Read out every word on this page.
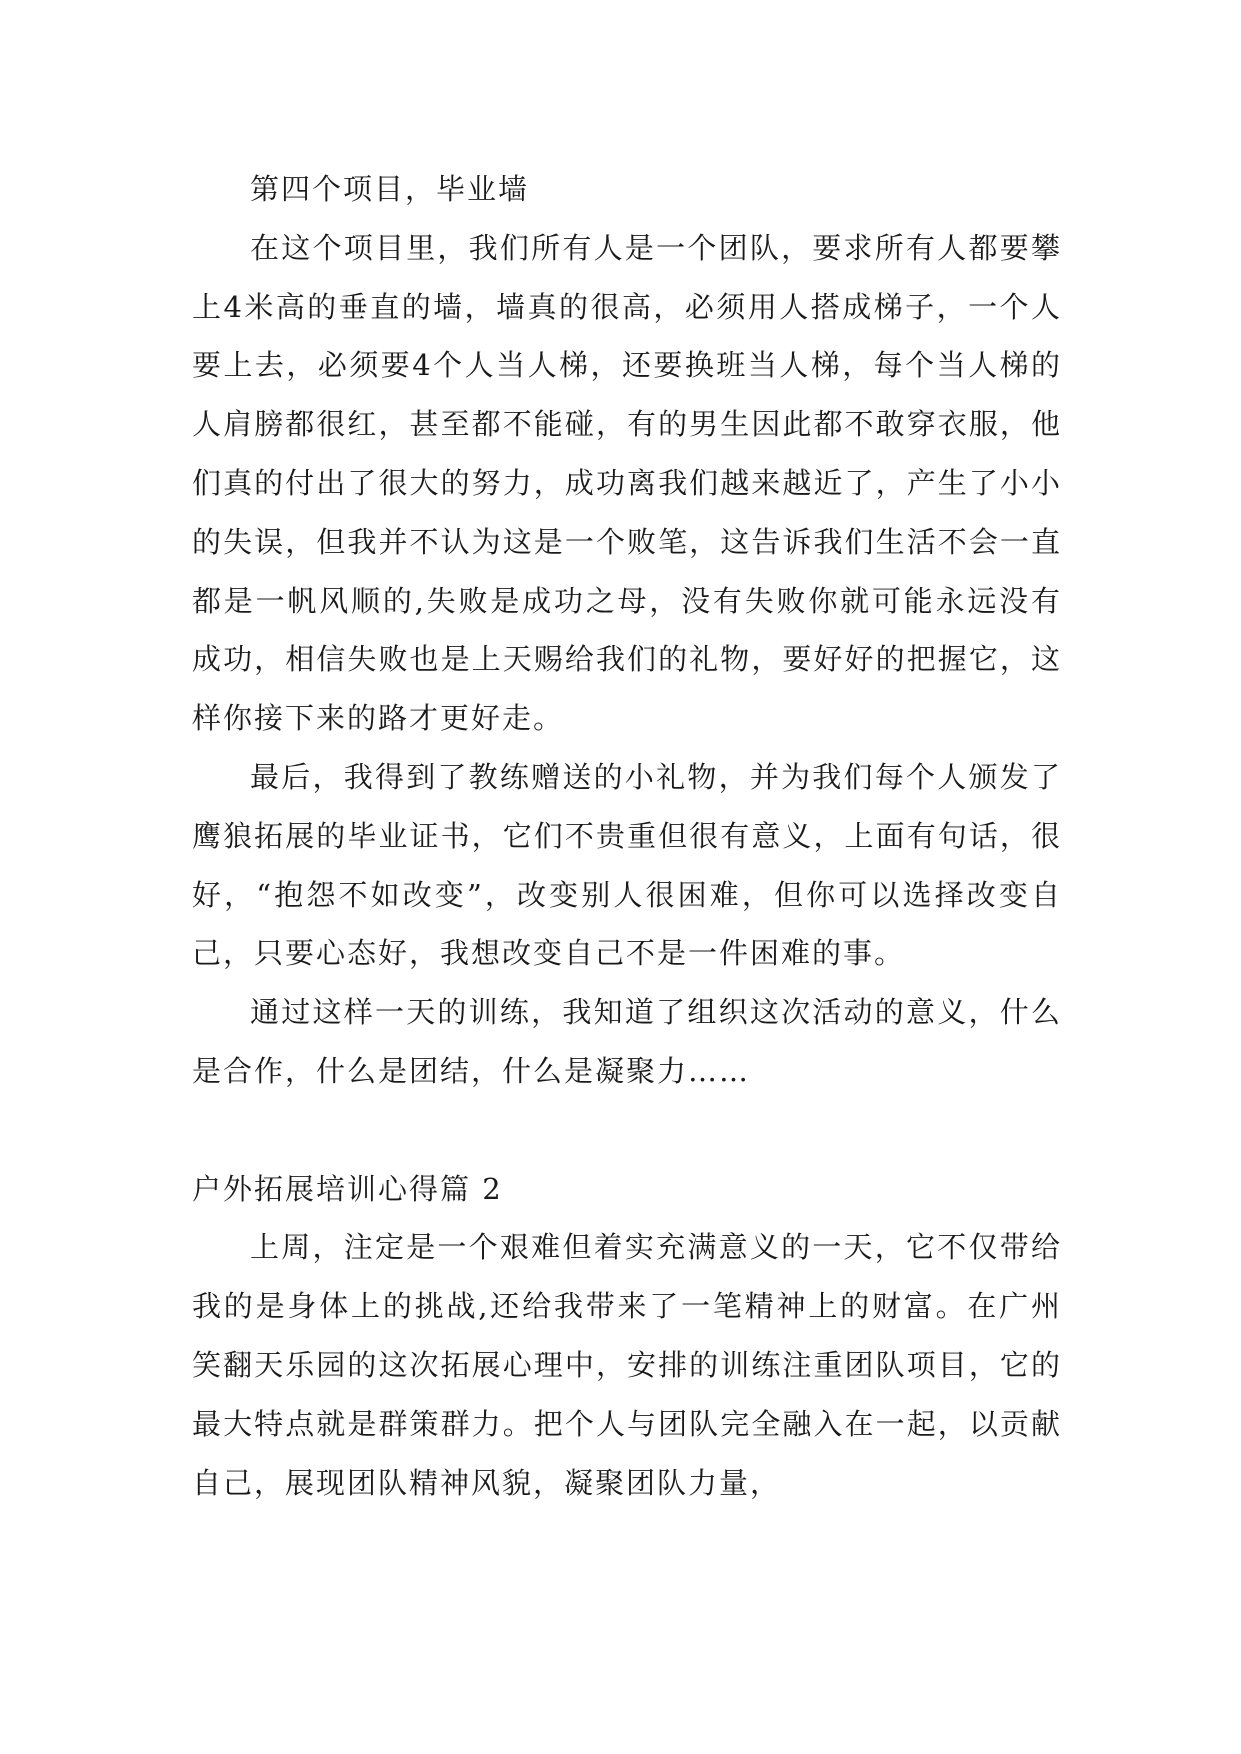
第四个项目，毕业墙

在这个项目里，我们所有人是一个团队，要求所有人都要攀上4米高的垂直的墙，墙真的很高，必须用人搭成梯子，一个人要上去，必须要4个人当人梯，还要换班当人梯，每个当人梯的人肩膀都很红，甚至都不能碰，有的男生因此都不敢穿衣服，他们真的付出了很大的努力，成功离我们越来越近了，产生了小小的失误，但我并不认为这是一个败笔，这告诉我们生活不会一直都是一帆风顺的,失败是成功之母，没有失败你就可能永远没有成功，相信失败也是上天赐给我们的礼物，要好好的把握它，这样你接下来的路才更好走。

最后，我得到了教练赠送的小礼物，并为我们每个人颁发了鹰狼拓展的毕业证书，它们不贵重但很有意义，上面有句话，很好，“抱怨不如改变”，改变别人很困难，但你可以选择改变自己，只要心态好，我想改变自己不是一件困难的事。

通过这样一天的训练，我知道了组织这次活动的意义，什么是合作，什么是团结，什么是凝聚力……

户外拓展培训心得篇 2

上周，注定是一个艰难但着实充满意义的一天，它不仅带给我的是身体上的挑战,还给我带来了一笔精神上的财富。在广州笑翻天乐园的这次拓展心理中，安排的训练注重团队项目，它的最大特点就是群策群力。把个人与团队完全融入在一起，以贡献自己，展现团队精神风貌，凝聚团队力量，
